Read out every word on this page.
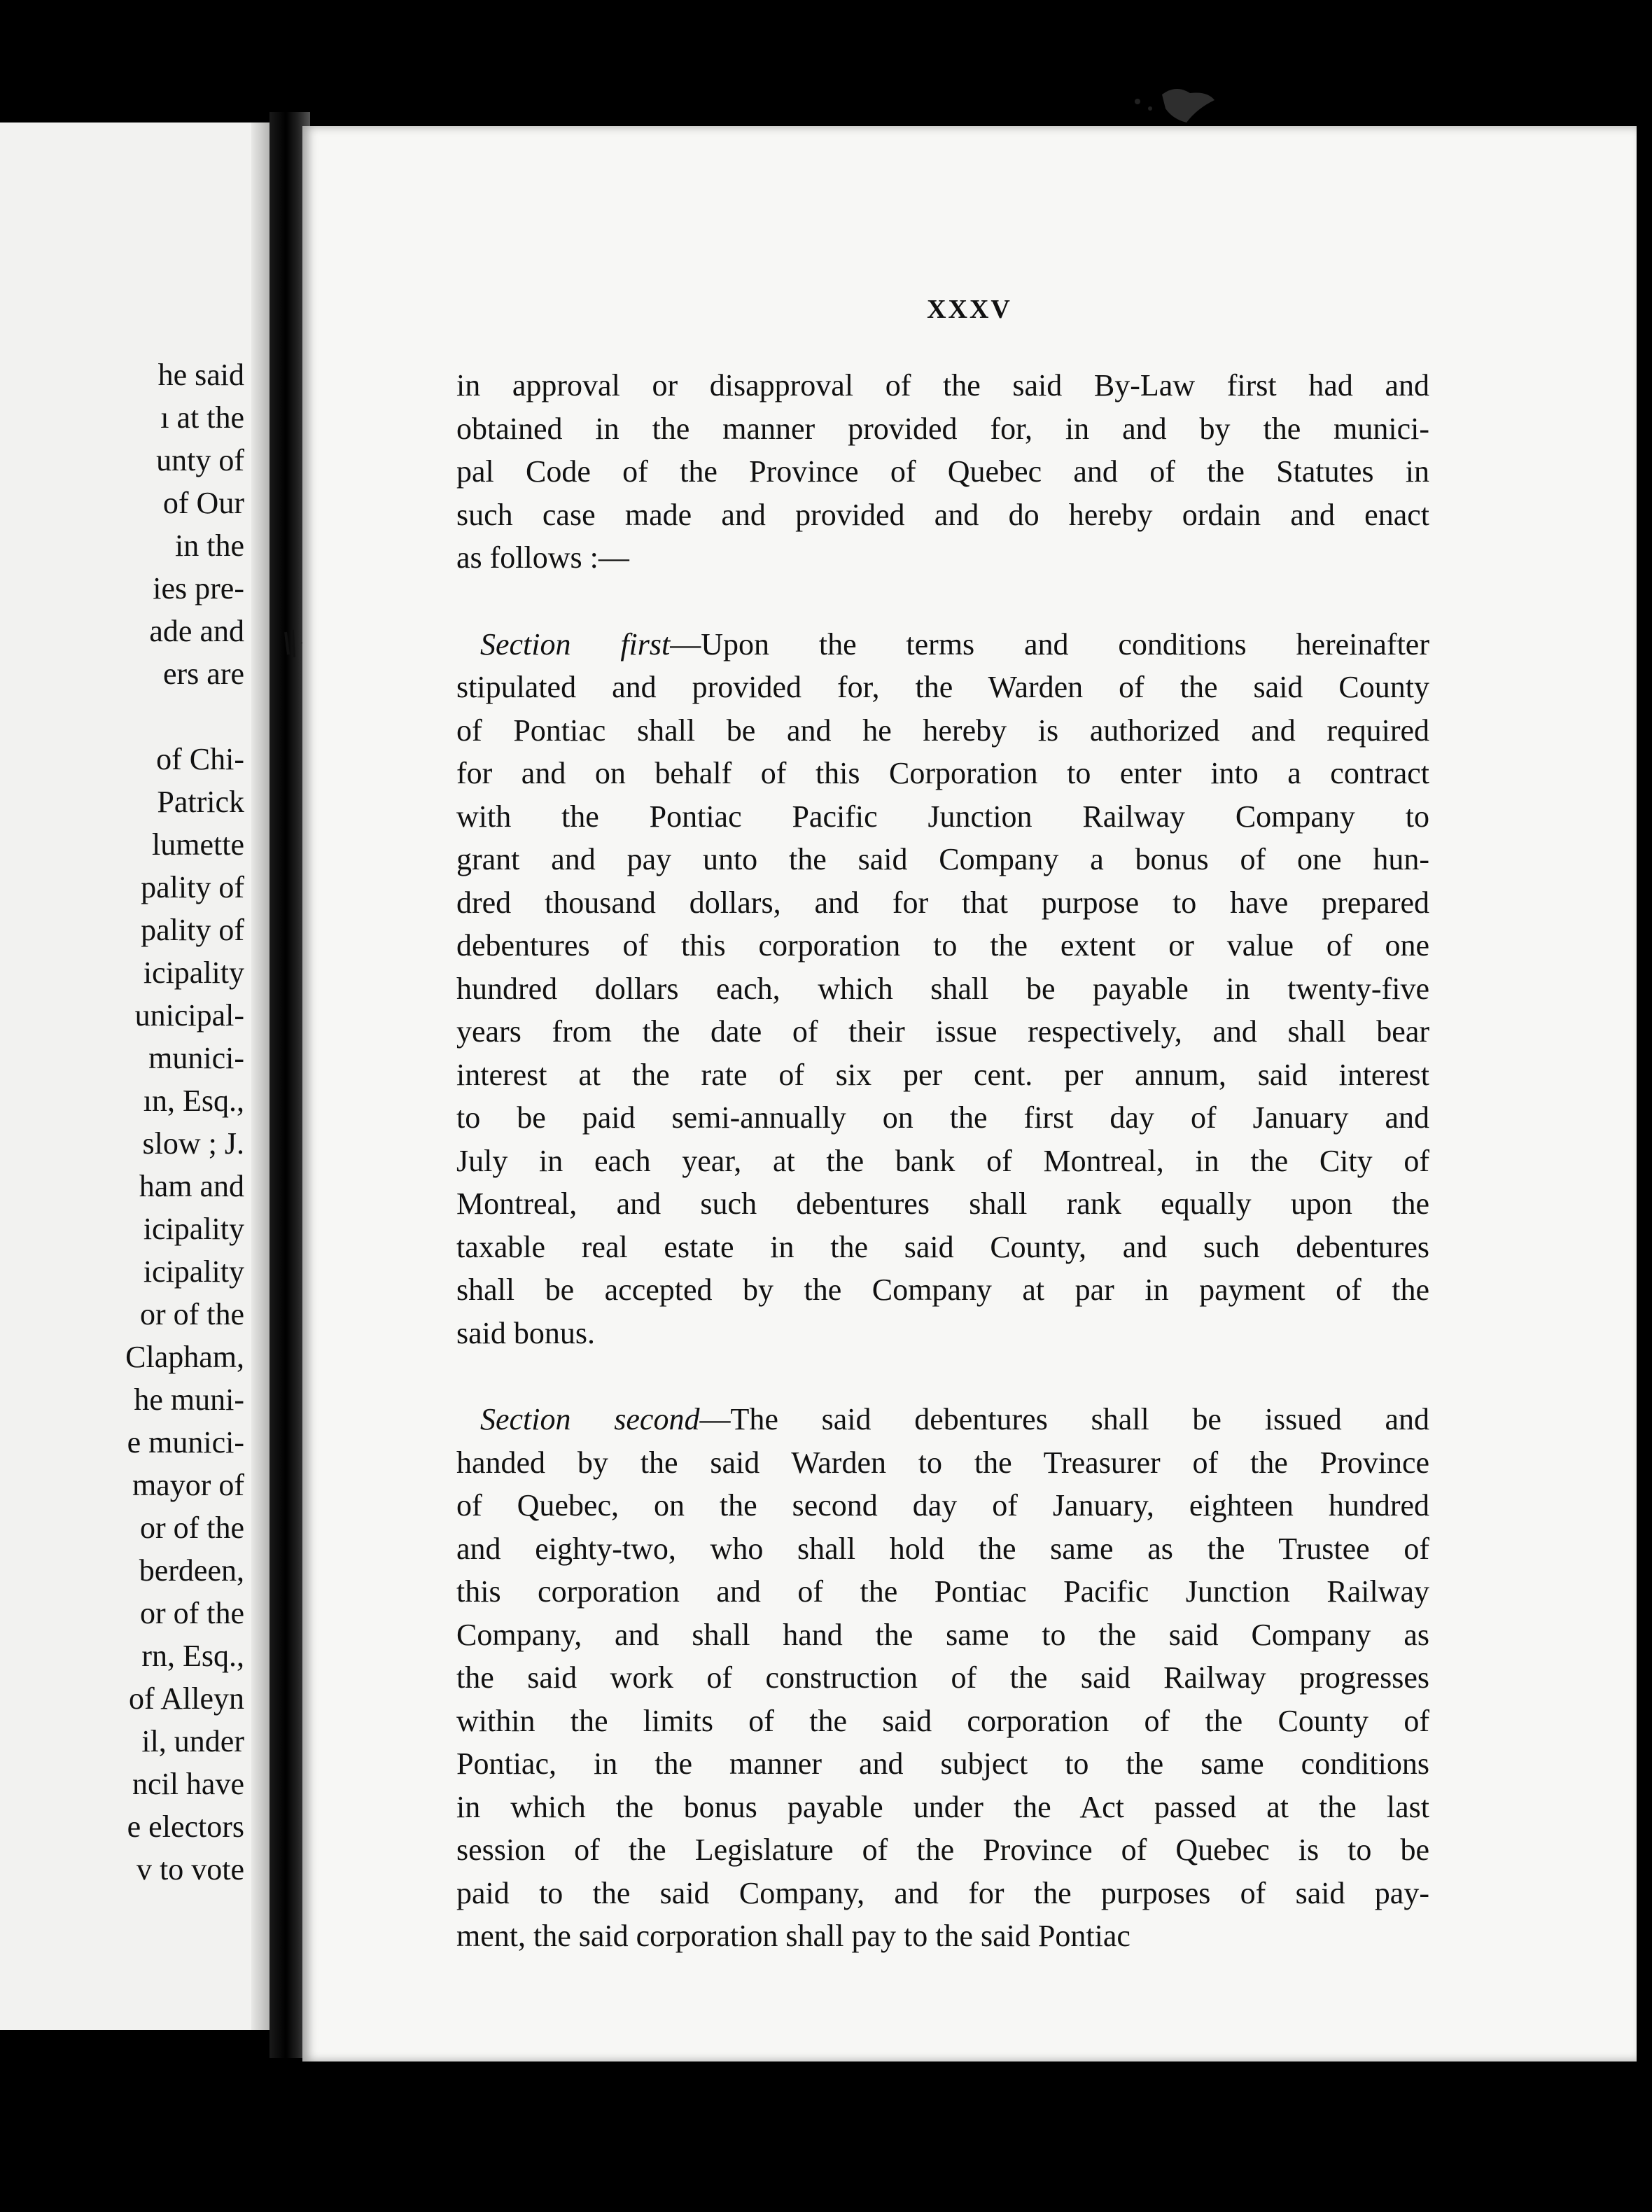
he said
ı at the
unty of
of Our
in the
ies pre-
ade and
ers are
of Chi-
Patrick
lumette
pality of
pality of
icipality
unicipal-
munici-
ın, Esq.,
slow ; J.
ham and
icipality
icipality
or of the
Clapham,
he muni-
e munici-
mayor of
or of the
berdeen,
or of the
rn, Esq.,
of Alleyn
il, under
ncil have
e electors
v to vote
XXXV
in approval or disapproval of the said By-Law first had and
obtained in the manner provided for, in and by the munici-
pal Code of the Province of Quebec and of the Statutes in
such case made and provided and do hereby ordain and enact
as follows :—
Section first—Upon the terms and conditions hereinafter
stipulated and provided for, the Warden of the said County
of Pontiac shall be and he hereby is authorized and required
for and on behalf of this Corporation to enter into a contract
with the Pontiac Pacific Junction Railway Company to
grant and pay unto the said Company a bonus of one hun-
dred thousand dollars, and for that purpose to have prepared
debentures of this corporation to the extent or value of one
hundred dollars each, which shall be payable in twenty-five
years from the date of their issue respectively, and shall bear
interest at the rate of six per cent. per annum, said interest
to be paid semi-annually on the first day of January and
July in each year, at the bank of Montreal, in the City of
Montreal, and such debentures shall rank equally upon the
taxable real estate in the said County, and such debentures
shall be accepted by the Company at par in payment of the
said bonus.
Section second—The said debentures shall be issued and
handed by the said Warden to the Treasurer of the Province
of Quebec, on the second day of January, eighteen hundred
and eighty-two, who shall hold the same as the Trustee of
this corporation and of the Pontiac Pacific Junction Railway
Company, and shall hand the same to the said Company as
the said work of construction of the said Railway progresses
within the limits of the said corporation of the County of
Pontiac, in the manner and subject to the same conditions
in which the bonus payable under the Act passed at the last
session of the Legislature of the Province of Quebec is to be
paid to the said Company, and for the purposes of said pay-
ment, the said corporation shall pay to the said Pontiac
